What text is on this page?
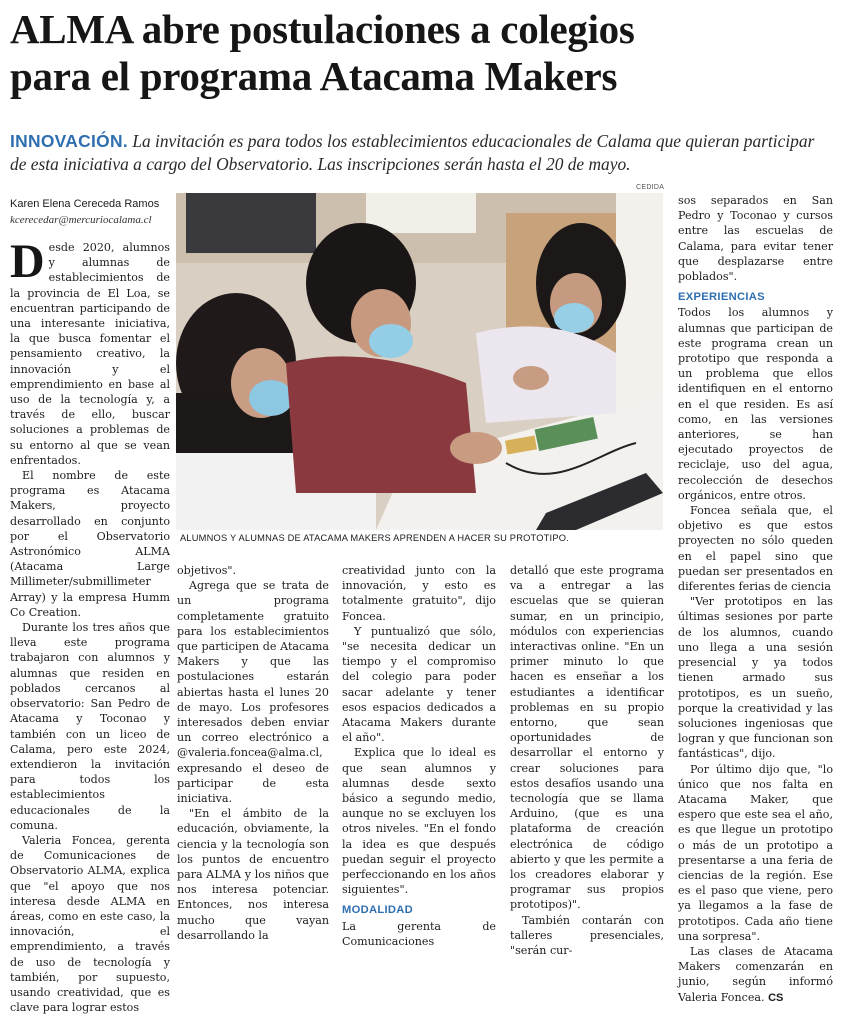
ALMA abre postulaciones a colegios
para el programa Atacama Makers
INNOVACIÓN. La invitación es para todos los establecimientos educacionales de Calama que quieran participar de esta iniciativa a cargo del Observatorio. Las inscripciones serán hasta el 20 de mayo.
Karen Elena Cereceda Ramos
kcerecedar@mercuriocalama.cl

Desde 2020, alumnos y alumnas de establecimientos de la provincia de El Loa, se encuentran participando de una interesante iniciativa, la que busca fomentar el pensamiento creativo, la innovación y el emprendimiento en base al uso de la tecnología y, a través de ello, buscar soluciones a problemas de su entorno al que se vean enfrentados.

El nombre de este programa es Atacama Makers, proyecto desarrollado en conjunto por el Observatorio Astronómico ALMA (Atacama Large Millimeter/submillimeter Array) y la empresa Humm Co Creation.

Durante los tres años que lleva este programa trabajaron con alumnos y alumnas que residen en poblados cercanos al observatorio: San Pedro de Atacama y Toconao y también con un liceo de Calama, pero este 2024, extendieron la invitación para todos los establecimientos educacionales de la comuna.

Valeria Foncea, gerenta de Comunicaciones de Observatorio ALMA, explica que "el apoyo que nos interesa desde ALMA en áreas, como en este caso, la innovación, el emprendimiento, a través de uso de tecnología y también, por supuesto, usando creatividad, que es clave para lograr estos

CEDIDA
ALUMNOS Y ALUMNAS DE ATACAMA MAKERS APRENDEN A HACER SU PROTOTIPO.

objetivos".

Agrega que se trata de un programa completamente gratuito para los establecimientos que participen de Atacama Makers y que las postulaciones estarán abiertas hasta el lunes 20 de mayo. Los profesores interesados deben enviar un correo electrónico a @valeria.foncea@alma.cl, expresando el deseo de participar de esta iniciativa.

"En el ámbito de la educación, obviamente, la ciencia y la tecnología son los puntos de encuentro para ALMA y los niños que nos interesa potenciar. Entonces, nos interesa mucho que vayan desarrollando la

creatividad junto con la innovación, y esto es totalmente gratuito", dijo Foncea.

Y puntualizó que sólo, "se necesita dedicar un tiempo y el compromiso del colegio para poder sacar adelante y tener esos espacios dedicados a Atacama Makers durante el año".

Explica que lo ideal es que sean alumnos y alumnas desde sexto básico a segundo medio, aunque no se excluyen los otros niveles. "En el fondo la idea es que después puedan seguir el proyecto perfeccionando en los años siguientes".

MODALIDAD

La gerenta de Comunicaciones

detalló que este programa va a entregar a las escuelas que se quieran sumar, en un principio, módulos con experiencias interactivas online. "En un primer minuto lo que hacen es enseñar a los estudiantes a identificar problemas en su propio entorno, que sean oportunidades de desarrollar el entorno y crear soluciones para estos desafíos usando una tecnología que se llama Arduino, (que es una plataforma de creación electrónica de código abierto y que les permite a los creadores elaborar y programar sus propios prototipos)".

También contarán con talleres presenciales, "serán cur-

sos separados en San Pedro y Toconao y cursos entre las escuelas de Calama, para evitar tener que desplazarse entre poblados".

EXPERIENCIAS

Todos los alumnos y alumnas que participan de este programa crean un prototipo que responda a un problema que ellos identifiquen en el entorno en el que residen. Es así como, en las versiones anteriores, se han ejecutado proyectos de reciclaje, uso del agua, recolección de desechos orgánicos, entre otros.

Foncea señala que, el objetivo es que estos proyecten no sólo queden en el papel sino que puedan ser presentados en diferentes ferias de ciencia

"Ver prototipos en las últimas sesiones por parte de los alumnos, cuando uno llega a una sesión presencial y ya todos tienen armado sus prototipos, es un sueño, porque la creatividad y las soluciones ingeniosas que logran y que funcionan son fantásticas", dijo.

Por último dijo que, "lo único que nos falta en Atacama Maker, que espero que este sea el año, es que llegue un prototipo o más de un prototipo a presentarse a una feria de ciencias de la región. Ese es el paso que viene, pero ya llegamos a la fase de prototipos. Cada año tiene una sorpresa".

Las clases de Atacama Makers comenzarán en junio, según informó Valeria Foncea. CS
